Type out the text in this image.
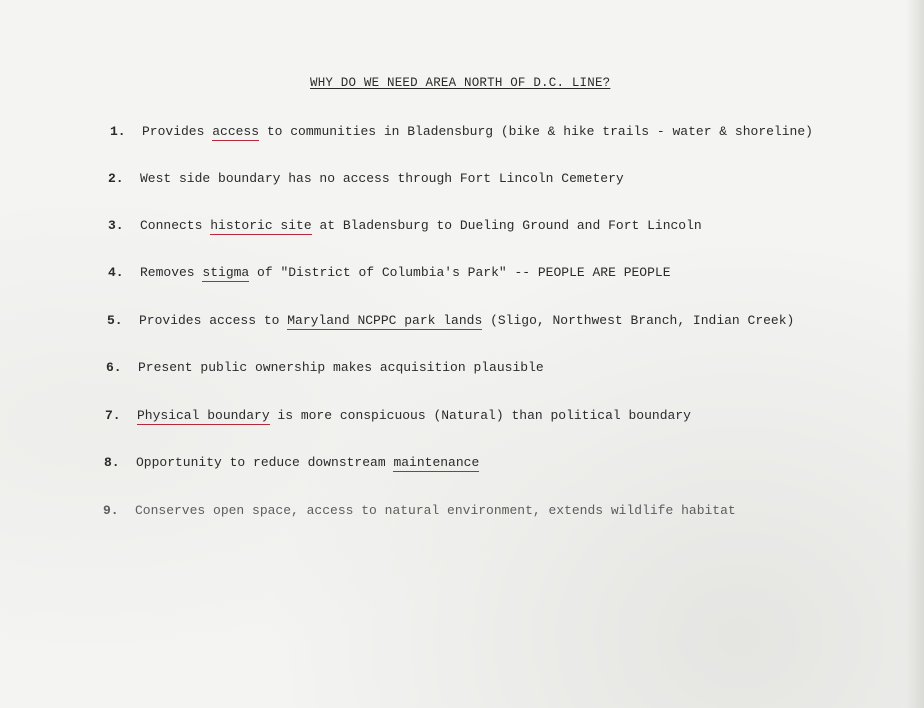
WHY DO WE NEED AREA NORTH OF D.C. LINE?
1. Provides access to communities in Bladensburg (bike & hike trails - water & shoreline)
2. West side boundary has no access through Fort Lincoln Cemetery
3. Connects historic site at Bladensburg to Dueling Ground and Fort Lincoln
4. Removes stigma of "District of Columbia's Park" -- PEOPLE ARE PEOPLE
5. Provides access to Maryland NCPPC park lands (Sligo, Northwest Branch, Indian Creek)
6. Present public ownership makes acquisition plausible
7. Physical boundary is more conspicuous (Natural) than political boundary
8. Opportunity to reduce downstream maintenance
9. Conserves open space, access to natural environment, extends wildlife habitat
